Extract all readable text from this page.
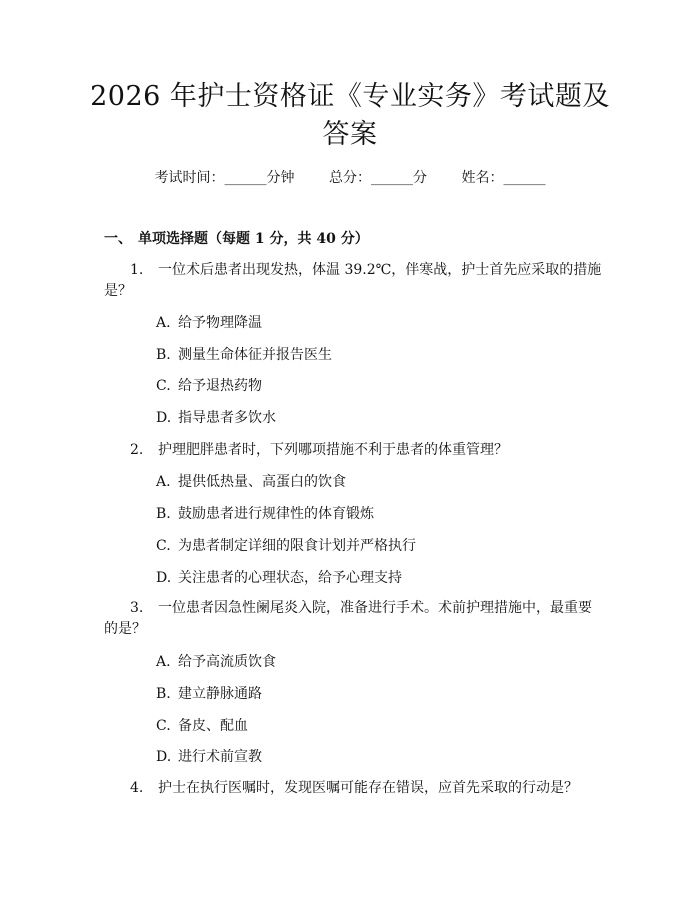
2026 年护士资格证《专业实务》考试题及答案
考试时间：______分钟 总分：______分 姓名：______
一、 单项选择题（每题 1 分，共 40 分）

1. 一位术后患者出现发热，体温 39.2℃，伴寒战，护士首先应采取的措施是？

A. 给予物理降温
B. 测量生命体征并报告医生
C. 给予退热药物
D. 指导患者多饮水

2. 护理肥胖患者时，下列哪项措施不利于患者的体重管理？

A. 提供低热量、高蛋白的饮食
B. 鼓励患者进行规律性的体育锻炼
C. 为患者制定详细的限食计划并严格执行
D. 关注患者的心理状态，给予心理支持

3. 一位患者因急性阑尾炎入院，准备进行手术。术前护理措施中，最重要的是？

A. 给予高流质饮食
B. 建立静脉通路
C. 备皮、配血
D. 进行术前宣教

4. 护士在执行医嘱时，发现医嘱可能存在错误，应首先采取的行动是？
